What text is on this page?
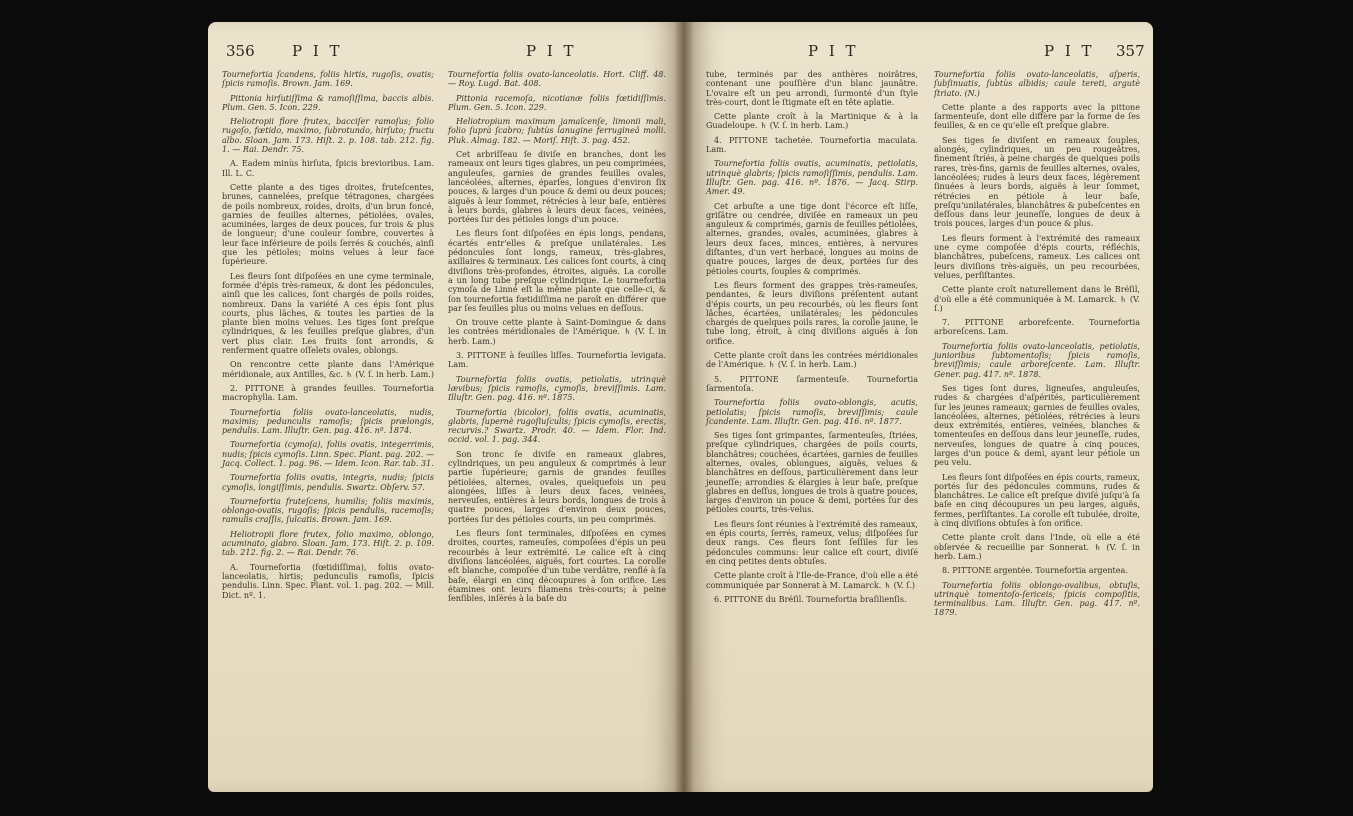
356 P I T	P I T

Tournefortia ſcandens, foliis hirtis, rugoſis, ovatis; ſpicis ramoſis. Brown. Jam. 169.

Pittonia hirſutiſſima & ramoſiſſima, baccis albis. Plum. Gen. 5. Icon. 229.

Heliotropii flore frutex, bacciſer ramoſus; folio rugoſo, fœtido, maximo, ſubrotundo, hirſuto; fructu albo. Sloan. Jam. 173. Hiſt. 2. p. 108. tab. 212. fig. 1. — Rai. Dendr. 75.

A. Eadem minùs hirſuta, ſpicis brevioribus. Lam. Ill. L. C.

Cette plante a des tiges droites, fruteſcentes, brunes, cannelées, preſque tétragones, chargées de poils nombreux, roides, droits, d'un brun foncé, garnies de feuilles alternes, pétiolées, ovales, acuminées, larges de deux pouces, ſur trois & plus de longueur; d'une couleur ſombre, couvertes à leur face inférieure de poils ſerrés & couchés, ainſi que les pétioles; moins velues à leur face ſupérieure.

Les fleurs ſont diſpoſées en une cyme terminale, formée d'épis très-rameux, & dont les pédoncules, ainſi que les calices, ſont chargés de poils roides, nombreux. Dans la variété A ces épis ſont plus courts, plus lâches, & toutes les parties de la plante bien moins velues. Les tiges ſont preſque cylindriques, & les feuilles preſque glabres, d'un vert plus clair. Les fruits ſont arrondis, & renferment quatre oſſelets ovales, oblongs.

On rencontre cette plante dans l'Amérique méridionale, aux Antilles, &c. ♄ (V. ſ. in herb. Lam.)

2. PITTONE à grandes feuilles. Tournefortia macrophylla. Lam.

Tournefortia foliis ovato-lanceolatis, nudis, maximis; pedunculis ramoſis; ſpicis prælongis, pendulis. Lam. Illuſtr. Gen. pag. 416. nº. 1874.

Tournefortia (cymoſa), foliis ovatis, integerrimis, nudis; ſpicis cymoſis. Linn. Spec. Plant. pag. 202. — Jacq. Collect. 1. pag. 96. — Idem. Icon. Rar. tab. 31.

Tournefortia foliis ovatis, integris, nudis; ſpicis cymoſis, longiſſimis, pendulis. Swartz. Obſerv. 57.

Tournefortia fruteſcens, humilis; foliis maximis, oblongo-ovatis, rugoſis; ſpicis pendulis, racemoſis; ramulis craſſis, ſulcatis. Brown. Jam. 169.

Heliotropii flore frutex, folio maximo, oblongo, acuminato, glabro. Sloan. Jam. 173. Hiſt. 2. p. 109. tab. 212. fig. 2. — Rai. Dendr. 76.

A. Tournefortia (fœtidiſſima), foliis ovato-lanceolatis, hirtis; pedunculis ramoſis, ſpicis pendulis. Linn. Spec. Plant. vol. 1. pag. 202. — Mill. Dict. nº. 1.

Tournefortia foliis ovato-lanceolatis. Hort. Cliff. 48. — Roy. Lugd. Bat. 408.

Pittonia racemoſa, nicotianæ foliis fœtidiſſimis. Plum. Gen. 5. Icon. 229.

Heliotropium maximum jamaïcenſe, limonii mali, folio ſuprà ſcabro; ſubtùs lanugine ferrugineâ molli. Pluk. Almag. 182. — Moriſ. Hiſt. 3. pag. 452.

Cet arbriſſeau ſe diviſe en branches, dont les rameaux ont leurs tiges glabres, un peu comprimées, anguleuſes, garnies de grandes feuilles ovales, lancéolées, alternes, éparſes, longues d'environ ſix pouces, & larges d'un pouce & demi ou deux pouces; aiguës à leur ſommet, rétrécies à leur baſe, entières à leurs bords, glabres à leurs deux faces, veinées, portées ſur des pétioles longs d'un pouce.

Les fleurs ſont diſpoſées en épis longs, pendans, écartés entr'elles & preſque unilatérales. Les pédoncules ſont longs, rameux, très-glabres, axillaires & terminaux. Les calices ſont courts, à cinq diviſions très-profondes, étroites, aiguës. La corolle a un long tube preſque cylindrique. Le tournefortia cymoſa de Linné eſt la même plante que celle-ci, & ſon tournefortia fœtidiſſima ne paroît en différer que par ſes feuilles plus ou moins velues en deſſous.

On trouve cette plante à Saint-Domingue & dans les contrées méridionales de l'Amérique. ♄ (V. ſ. in herb. Lam.)

3. PITTONE à feuilles liſſes. Tournefortia levigata. Lam.

Tournefortia foliis ovatis, petiolatis, utrinquè lævibus; ſpicis ramoſis, cymoſis, breviſſimis. Lam. Illuſtr. Gen. pag. 416. nº. 1875.

Tournefortia (bicolor), foliis ovatis, acuminatis, glabris, ſupernè rugoſiuſculis; ſpicis cymoſis, erectis, recurvis.? Swartz. Prodr. 40. — Idem. Flor. Ind. occid. vol. 1. pag. 344.

Son tronc ſe diviſe en rameaux glabres, cylindriques, un peu anguleux & comprimés à leur partie ſupérieure; garnis de grandes feuilles pétiolées, alternes, ovales, quelquefois un peu alongées, liſſes à leurs deux faces, veinées, nerveuſes, entières à leurs bords, longues de trois à quatre pouces, larges d'environ deux pouces, portées ſur des pétioles courts, un peu comprimés.

Les fleurs ſont terminales, diſpoſées en cymes droites, courtes, rameuſes, compoſées d'épis un peu recourbés à leur extrémité. Le calice eſt à cinq diviſions lancéolées, aiguës, fort courtes. La corolle eſt blanche, compoſée d'un tube verdâtre, renflé à ſa baſe, élargi en cinq découpures à ſon orifice. Les étamines ont leurs filamens très-courts; à peine ſenſibles, inſérés à la baſe du

P I T	P I T 357

tube, terminés par des anthères noirâtres, contenant une pouſſière d'un blanc jaunâtre. L'ovaire eſt un peu arrondi, ſurmonté d'un ſtyle très-court, dont le ſtigmate eſt en tête aplatie.

Cette plante croît à la Martinique & à la Guadeloupe. ♄ (V. ſ. in herb. Lam.)

4. PITTONE tachetée. Tournefortia maculata. Lam.

Tournefortia foliis ovatis, acuminatis, petiolatis, utrinquè glabris; ſpicis ramoſiſſimis, pendulis. Lam. Illuſtr. Gen. pag. 416. nº. 1876. — Jacq. Stirp. Amer. 49.

Cet arbuſte a une tige dont l'écorce eſt liſſe, griſâtre ou cendrée, diviſée en rameaux un peu anguleux & comprimés, garnis de feuilles pétiolées, alternes, grandes, ovales, acuminées, glabres à leurs deux faces, minces, entières, à nervures diſtantes, d'un vert herbacé, longues au moins de quatre pouces, larges de deux, portées ſur des pétioles courts, ſouples & comprimés.

Les fleurs forment des grappes très-rameuſes, pendantes, & leurs diviſions préſentent autant d'épis courts, un peu recourbés, où les fleurs ſont lâches, écartées, unilatérales; les pédoncules chargés de quelques poils rares, la corolle jaune, le tube long, étroit, à cinq diviſions aiguës à ſon orifice.

Cette plante croît dans les contrées méridionales de l'Amérique. ♄ (V. ſ. in herb. Lam.)

5. PITTONE ſarmenteuſe. Tournefortia ſarmentoſa.

Tournefortia foliis ovato-oblongis, acutis, petiolatis; ſpicis ramoſis, breviſſimis; caule ſcandente. Lam. Illuſtr. Gen. pag. 416. nº. 1877.

Ses tiges ſont grimpantes, ſarmenteuſes, ſtriées, preſque cylindriques, chargées de poils courts, blanchâtres; couchées, écartées, garnies de feuilles alternes, ovales, oblongues, aiguës, velues & blanchâtres en deſſous, particulièrement dans leur jeuneſſe; arrondies & élargies à leur baſe, preſque glabres en deſſus, longues de trois à quatre pouces, larges d'environ un pouce & demi, portées ſur des pétioles courts, très-velus.

Les fleurs ſont réunies à l'extrémité des rameaux, en épis courts, ſerrés, rameux, velus; diſpoſées ſur deux rangs. Ces fleurs ſont ſeſſiles ſur les pédoncules communs: leur calice eſt court, diviſé en cinq petites dents obtuſes.

Cette plante croît à l'Ile-de-France, d'où elle a été communiquée par Sonnerat à M. Lamarck. ♄ (V. ſ.)

6. PITTONE du Bréſil. Tournefortia braſilienſis.

Tournefortia foliis ovato-lanceolatis, aſperis, ſubſinuatis, ſubtùs albidis; caule tereti, argutè ſtriato. (N.)

Cette plante a des rapports avec la pittone ſarmenteuſe, dont elle diffère par la forme de ſes feuilles, & en ce qu'elle eſt preſque glabre.

Ses tiges ſe diviſent en rameaux ſouples, alongés, cylindriques, un peu rougeâtres, finement ſtriés, à peine chargés de quelques poils rares, très-fins, garnis de feuilles alternes, ovales, lancéolées; rudes à leurs deux faces, légèrement ſinuées à leurs bords, aiguës à leur ſommet, rétrécies en pétiole à leur baſe, preſqu'unilatérales, blanchâtres & pubeſcentes en deſſous dans leur jeuneſſe, longues de deux à trois pouces, larges d'un pouce & plus.

Les fleurs forment à l'extrémité des rameaux une cyme compoſée d'épis courts, réfléchis, blanchâtres, pubeſcens, rameux. Les calices ont leurs diviſions très-aiguës, un peu recourbées, velues, perſiſtantes.

Cette plante croît naturellement dans le Bréſil, d'où elle a été communiquée à M. Lamarck. ♄ (V. ſ.)

7. PITTONE arborefcente. Tournefortia arboreſcens. Lam.

Tournefortia foliis ovato-lanceolatis, petiolatis, junioribus ſubtomentoſis; ſpicis ramoſis, breviſſimis; caule arboreſcente. Lam. Illuſtr. Gener. pag. 417. nº. 1878.

Ses tiges ſont dures, ligneuſes, anguleuſes, rudes & chargées d'aſpérités, particulièrement ſur les jeunes rameaux; garnies de feuilles ovales, lancéolées, alternes, pétiolées, rétrécies à leurs deux extrémités, entières, veinées, blanches & tomenteuſes en deſſous dans leur jeuneſſe, rudes, nerveuſes, longues de quatre à cinq pouces, larges d'un pouce & demi, ayant leur pétiole un peu velu.

Les fleurs ſont diſpoſées en épis courts, rameux, portés ſur des pédoncules communs, rudes & blanchâtres. Le calice eſt preſque diviſé juſqu'à ſa baſe en cinq découpures un peu larges, aiguës, fermes, perſiſtantes. La corolle eſt tubulée, droite, à cinq diviſions obtuſes à ſon orifice.

Cette plante croît dans l'Inde, où elle a été obſervée & recueillie par Sonnerat. ♄ (V. ſ. in herb. Lam.)

8. PITTONE argentée. Tournefortia argentea.

Tournefortia foliis oblongo-ovalibus, obtuſis, utrinquè tomentoſo-ſericeis; ſpicis compoſitis, terminalibus. Lam. Illuſtr. Gen. pag. 417. nº. 1879.
